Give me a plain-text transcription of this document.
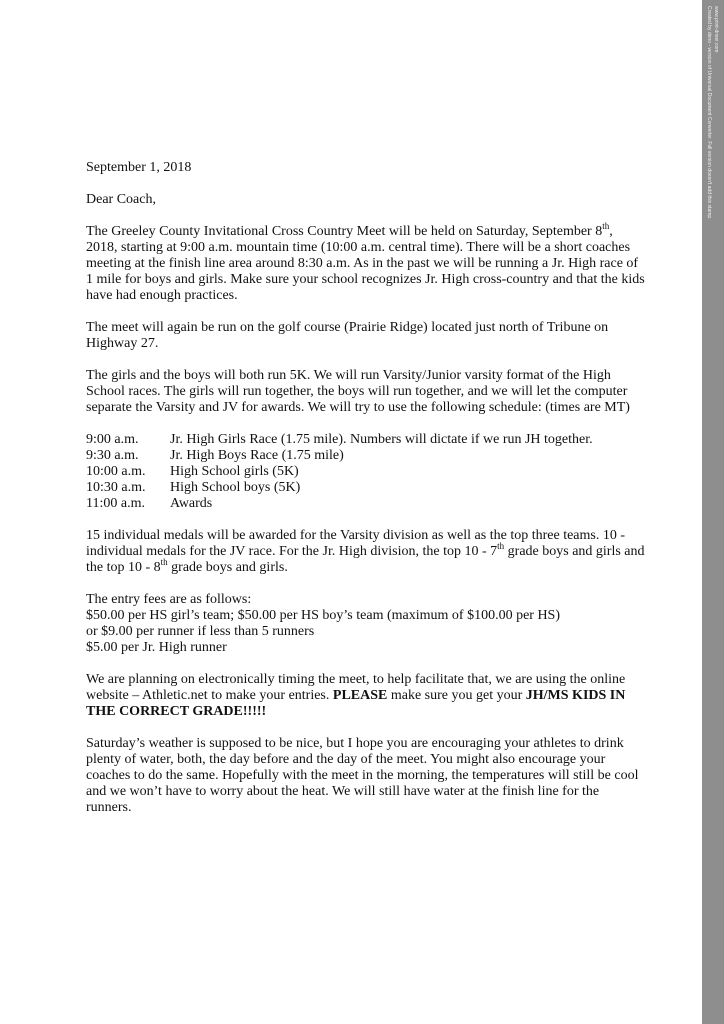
September 1, 2018

Dear Coach,

The Greeley County Invitational Cross Country Meet will be held on Saturday, September 8th, 2018, starting at 9:00 a.m. mountain time (10:00 a.m. central time). There will be a short coaches meeting at the finish line area around 8:30 a.m. As in the past we will be running a Jr. High race of 1 mile for boys and girls. Make sure your school recognizes Jr. High cross-country and that the kids have had enough practices.

The meet will again be run on the golf course (Prairie Ridge) located just north of Tribune on Highway 27.

The girls and the boys will both run 5K. We will run Varsity/Junior varsity format of the High School races. The girls will run together, the boys will run together, and we will let the computer separate the Varsity and JV for awards. We will try to use the following schedule: (times are MT)

9:00 a.m.	Jr. High Girls Race (1.75 mile). Numbers will dictate if we run JH together.
9:30 a.m.	Jr. High Boys Race (1.75 mile)
10:00 a.m.	High School girls (5K)
10:30 a.m.	High School boys (5K)
11:00 a.m.	Awards

15 individual medals will be awarded for the Varsity division as well as the top three teams. 10 - individual medals for the JV race. For the Jr. High division, the top 10 - 7th grade boys and girls and the top 10 - 8th grade boys and girls.

The entry fees are as follows:

$50.00 per HS girl’s team; $50.00 per HS boy’s team (maximum of $100.00 per HS)

or $9.00 per runner if less than 5 runners

$5.00 per Jr. High runner

We are planning on electronically timing the meet, to help facilitate that, we are using the online website – Athletic.net to make your entries. PLEASE make sure you get your JH/MS KIDS IN THE CORRECT GRADE!!!!!

Saturday’s weather is supposed to be nice, but I hope you are encouraging your athletes to drink plenty of water, both, the day before and the day of the meet. You might also encourage your coaches to do the same. Hopefully with the meet in the morning, the temperatures will still be cool and we won’t have to worry about the heat. We will still have water at the finish line for the runners.

Created by deno - version of Universal Document Converter. Full version doesn't add this stamp. www.print-driver.com
